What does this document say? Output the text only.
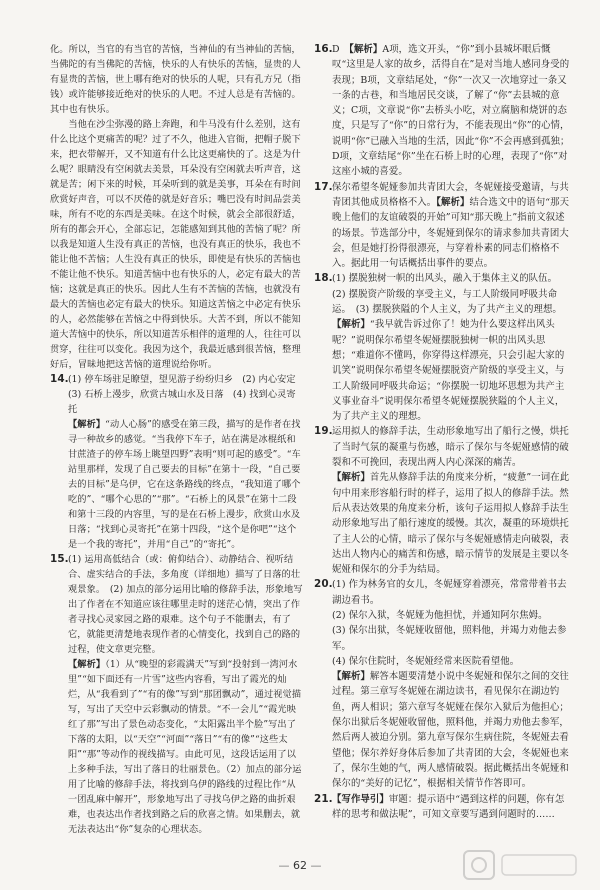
化。所以，当官的有当官的苦恼，当神仙的有当神仙的苦恼，当佛陀的有当佛陀的苦恼，快乐的人有快乐的苦恼，显贵的人有显贵的苦恼，世上哪有绝对的快乐的人呢，只有孔方兄（指钱）或许能够接近绝对的快乐的人吧。不过人总是有苦恼的。其中也有快乐。

当他在沙尘弥漫的路上奔跑，和牛马没有什么差别，这有什么比这个更痛苦的呢？过了不久，他进入官衙，把帽子脱下来，把衣带解开，又不知道有什么比这更痛快的了。这是为什么呢？眼睛没有空闲就去美景，耳朵没有空闲就去听声音，这就是苦；闲下来的时候，耳朵听到的就是美事，耳朵在有时间欣赏好声音，可以不厌倦的就是好音乐；嘴巴没有时间品尝美味，所有不吃的东西是美味。在这个时候，就会全部很舒适，所有的都会开心，全部忘记，怎能感知到其他的苦恼了呢？所以我是知道人生没有真正的苦恼，也没有真正的快乐，我也不能让他不苦恼；人生没有真正的快乐，即使是有快乐的苦恼也不能让他不快乐。知道苦恼中也有快乐的人，必定有最大的苦恼；这就是真正的快乐。因此人生有不苦恼的苦恼，也就没有最大的苦恼也必定有最大的快乐。知道这苦恼之中必定有快乐的人，必然能够在苦恼之中得到快乐。大苦不到，所以不能知道大苦恼中的快乐，所以知道苦乐相伴的道理的人，往往可以贯穿，往往可以变化。我因为这个，我最近感到很苦恼，整理好后，冒昧地把这苦恼的道理说给你听。

14. (1) 停车场驻足瞭望，望见游子纷纷归乡　(2) 内心安定　(3) 石桥上漫步，欣赏古城山水及日落　(4) 找到心灵寄托
【 解析 】 “动人心肠”的感受在第三段，描写的是作者在找寻一种故乡的感觉。“当我停下车子，站在满是冰棍纸和甘蔗渣子的停车场上眺望四野”表明“则可起的感受”。“车站里那样，发现了自己要去的目标”在第十一段，“自己要去的目标”是乌伊，它在这条路线的终点，“我知道了哪个吃的”、“哪个心思的”“那”。“石桥上的风景”在第十二段和第十三段的内容里，写的是在石桥上漫步，欣赏山水及日落；“找到心灵寄托”在第十四段，“这个是你吧”“这个是一个我的寄托”，并用“自己”的“寄托”。
15. (1) 运用高低结合（或：俯仰结合）、动静结合、视听结合、虚实结合的手法，多角度（详细地）描写了日落的壮观景象。　(2) 加点的部分运用比喻的修辞手法，形象地写出了作者在不知道应该往哪里走时的迷茫心情，突出了作者寻找心灵家园之路的艰难。这个句子不能删去，有了它，就能更清楚地表现作者的心情变化，找到自己的路的过程，使文章更完整。
【 解析 】 （1）从“晚望的彩霞满天”写到“投射到一湾河水里”“如下面还有一片雪”这些内容看，写出了霞光的灿烂，从“我看到了”“有的像”写到“那团飘动”，通过视觉描写，写出了天空中云彩飘动的情景。“不一会儿”“霞光映红了那”写出了景色动态变化，“太阳露出半个脸”写出了下落的太阳，以“天空”“河面”“落日”“有的像”“这些太阳”“那”等动作的视线描写。由此可见，这段话运用了以上多种手法，写出了落日的壮丽景色。（2）加点的部分运用了比喻的修辞手法，将找到乌伊的路线的过程比作“从一团乱麻中解开”，形象地写出了寻找乌伊之路的曲折艰难，也表达出作者找到路之后的欣喜之情。如果删去，就无法表达出“你”复杂的心理状态。
16. D　 【 解析 】 A项，选文开头，“你”到小县城坏眼后慨叹“这里是人家的故乡，活得自在”是对当地人感同身受的表现；B项，文章结尾处，“你”一次又一次地穿过一条又一条的古巷，和当地居民交谈，了解了“你”去县城的意义；C项，文章说“你”去桥头小吃，对立腐脑和烧饼的态度，只是写了“你”的日常行为，不能表现出“你”的心情，说明“你”已融入当地的生活，因此“你”不会再感到孤独；D项，文章结尾“你”坐在石桥上时的心理，表现了“你”对这座小城的喜爱。
17. 保尔希望冬妮娅参加共青团大会，冬妮娅接受邀请，与共青团其他成员格格不入。 【 解析 】 结合选文中的语句“那天晚上他们的友谊破裂的开始”可知“那天晚上”指前文叙述的场景。节选部分中，冬妮娅到保尔的请求参加共青团大会，但是她打扮得很漂亮，与穿着朴素的同志们格格不入。据此用一句话概括出事件的要点。
18. (1) 摆脱独树一帜的出风头，融入于集体主义的队伍。　(2) 摆脱资产阶级的享受主义，与工人阶级同呼吸共命运。　(3) 摆脱狭隘的个人主义，为了共产主义的理想。
【 解析 】 “我早就告诉过你了！她为什么要这样出风头呢？”说明保尔希望冬妮娅摆脱独树一帜的出风头思想；“难道你不懂吗，你穿得这样漂亮，只会引起大家的讥笑”说明保尔希望冬妮娅摆脱资产阶级的享受主义，与工人阶级同呼吸共命运；“你摆脱一切地坏思想为共产主义事业奋斗”说明保尔希望冬妮娅摆脱狭隘的个人主义，为了共产主义的理想。
19. 运用拟人的修辞手法，生动形象地写出了船行之慢，烘托了当时气氛的凝重与伤感，暗示了保尔与冬妮娅感情的破裂和不可挽回，表现出两人内心深深的痛苦。
【 解析 】 首先从修辞手法的角度来分析，“疲惫”一词在此句中用来形容船行时的样子，运用了拟人的修辞手法。然后从表达效果的角度来分析，该句子运用拟人修辞手法生动形象地写出了船行速度的缓慢。其次，凝重的环境烘托了主人公的心情，暗示了保尔与冬妮娅感情走向破裂，表达出人物内心的痛苦和伤感，暗示情节的发展是主要以冬妮娅和保尔的分手为结局。
20. (1) 作为林务官的女儿，冬妮娅穿着漂亮，常常带着书去湖边看书。
(2) 保尔入狱，冬妮娅为他担忧，并通知阿尔焦姆。
(3) 保尔出狱，冬妮娅收留他，照料他，并竭力劝他去参军。
(4) 保尔住院时，冬妮娅经常来医院看望他。
【 解析 】 解答本题要清楚小说中冬妮娅和保尔之间的交往过程。第三章写冬妮娅在湖边读书，看见保尔在湖边钓鱼，两人相识；第六章写冬妮娅在保尔入狱后为他担心；保尔出狱后冬妮娅收留他，照料他，并竭力劝他去参军，然后两人被迫分别。第九章写保尔生病住院，冬妮娅去看望他；保尔养好身体后参加了共青团的大会，冬妮娅也来了，保尔生她的气，两人感情破裂。据此概括出冬妮娅和保尔的“美好的记忆”，根据相关情节作答即可。
21. 【 写作导引 】 审题：提示语中“遇到这样的问题，你有怎样的思考和做法呢”，可知文章要写遇到问题时的……
— 62 —
